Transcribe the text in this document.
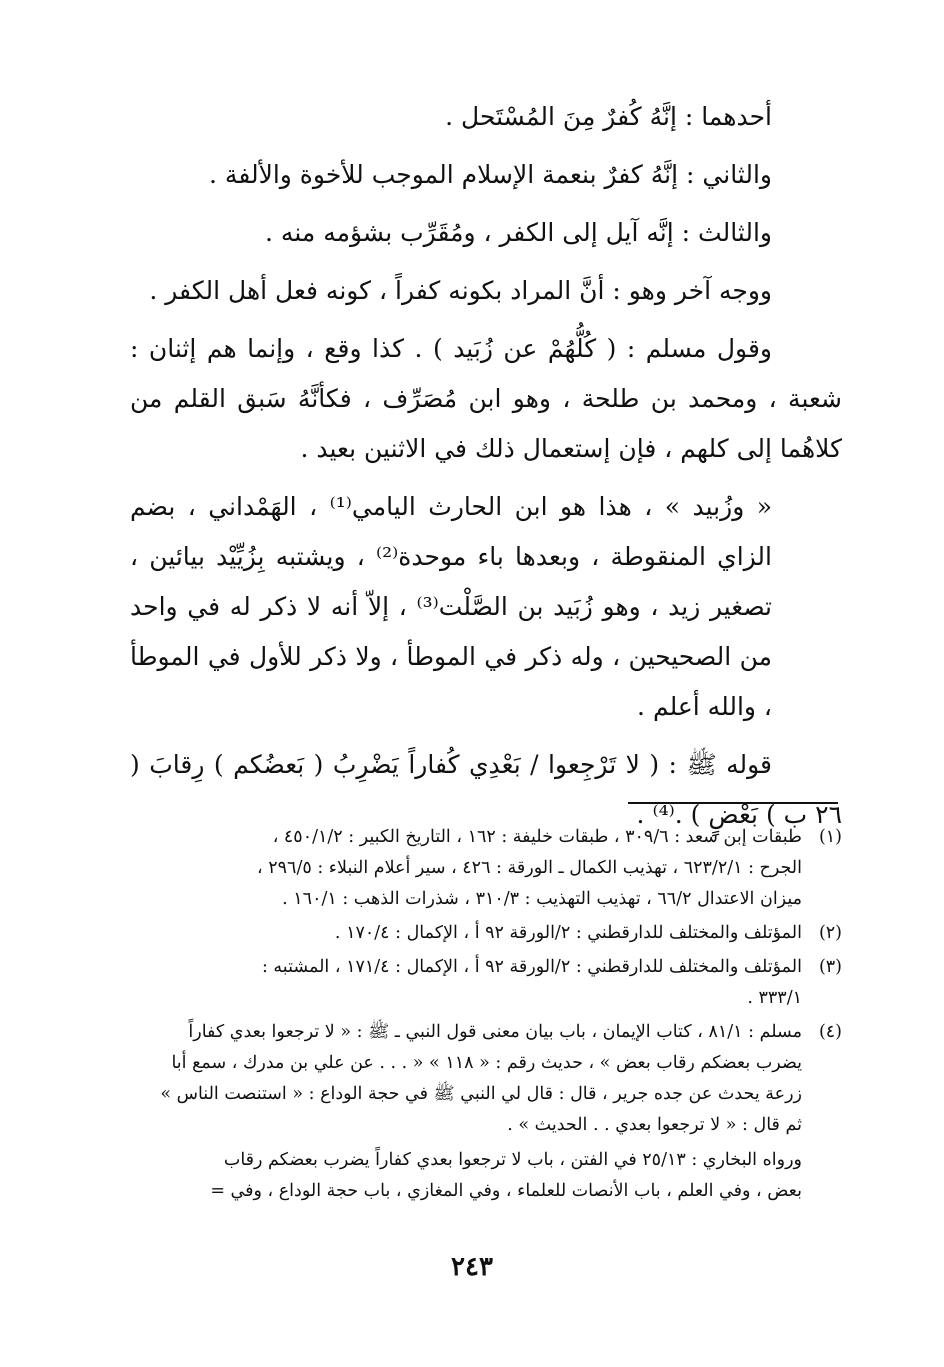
أحدهما : إنَّهُ كُفرٌ مِنَ المُسْتَحل .

والثاني : إنَّهُ كفرٌ بنعمة الإسلام الموجب للأخوة والألفة .

والثالث : إنَّه آيل إلى الكفر ، ومُقَرِّب بشؤمه منه .

ووجه آخر وهو : أنَّ المراد بكونه كفراً ، كونه فعل أهل الكفر .

وقول مسلم : ( كُلُّهُمْ عن زُبَيد ) . كذا وقع ، وإنما هم إثنان : شعبة ، ومحمد بن طلحة ، وهو ابن مُصَرِّف ، فكأنَّهُ سَبق القلم من كلاهُما إلى كلهم ، فإن إستعمال ذلك في الاثنين بعيد .

« وزُبيد » ، هذا هو ابن الحارث اليامي⁽¹⁾ ، الهَمْداني ، بضم الزاي المنقوطة ، وبعدها باء موحدة⁽²⁾ ، ويشتبه بِزُيِّيْد بيائين ، تصغير زيد ، وهو زُبَيد بن الصَّلْت⁽³⁾ ، إلاّ أنه لا ذكر له في واحد من الصحيحين ، وله ذكر في الموطأ ، ولا ذكر للأول في الموطأ ، والله أعلم .

قوله ﷺ : ( لا تَرْجِعوا / بَعْدِي كُفاراً يَضْرِبُ ( بَعضُكم ) رِقابَ ( ٢٦ ب ) بَعْضٍ ) .⁽⁴⁾ .

(١)
طبقات إبن سعد : ٣٠٩/٦ ، طبقات خليفة : ١٦٢ ، التاريخ الكبير : ٤٥٠/١/٢ ،
الجرح : ٦٢٣/٢/١ ، تهذيب الكمال ـ الورقة : ٤٢٦ ، سير أعلام النبلاء : ٢٩٦/٥ ،
ميزان الاعتدال ٦٦/٢ ، تهذيب التهذيب : ٣١٠/٣ ، شذرات الذهب : ١٦٠/١ .
(٢)
المؤتلف والمختلف للدارقطني : ٢/الورقة ٩٢ أ ، الإكمال : ١٧٠/٤ .
(٣)
المؤتلف والمختلف للدارقطني : ٢/الورقة ٩٢ أ ، الإكمال : ١٧١/٤ ، المشتبه :
٣٣٣/١ .
(٤)
مسلم : ٨١/١ ، كتاب الإيمان ، باب بيان معنى قول النبي ـ ﷺ : « لا ترجعوا بعدي كفاراً
يضرب بعضكم رقاب بعض » ، حديث رقم : « ١١٨ » « . . . عن علي بن مدرك ، سمع أبا
زرعة يحدث عن جده جرير ، قال : قال لي النبي ﷺ في حجة الوداع : « استنصت الناس »
ثم قال : « لا ترجعوا بعدي . . الحديث » .
ورواه البخاري : ٢٥/١٣ في الفتن ، باب لا ترجعوا بعدي كفاراً يضرب بعضكم رقاب
بعض ، وفي العلم ، باب الأنصات للعلماء ، وفي المغازي ، باب حجة الوداع ، وفي =
٢٤٣
